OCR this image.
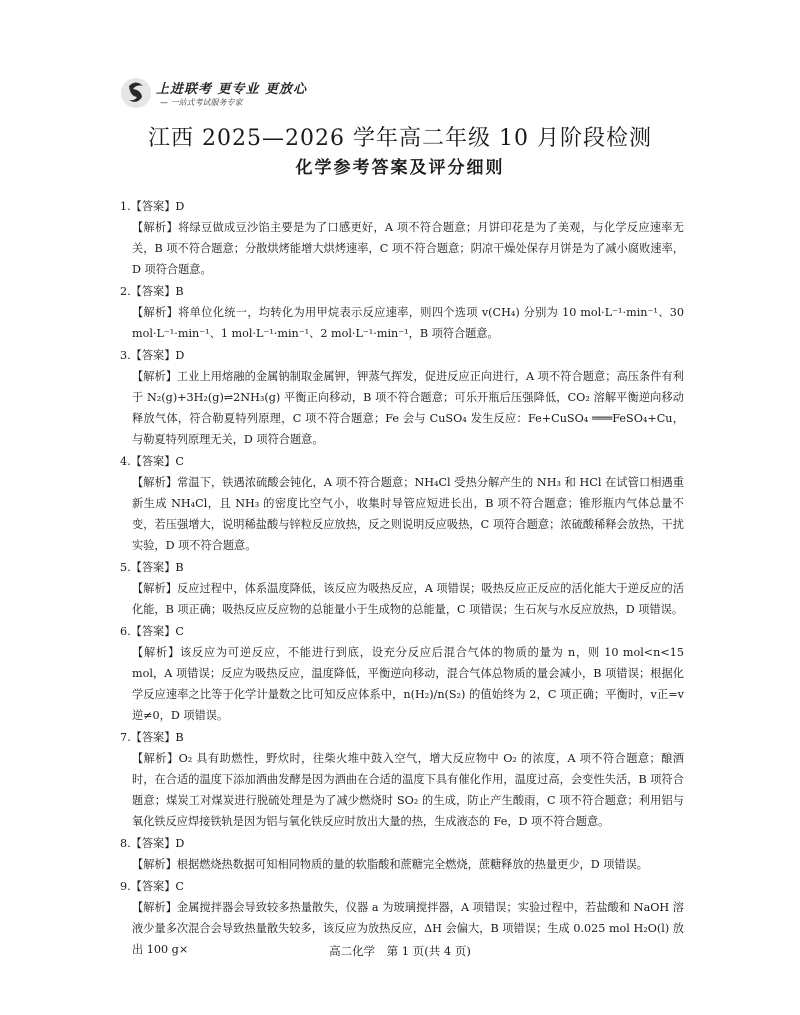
上进联考 更专业 更放心
— 一站式考试服务专家
江西 2025—2026 学年高二年级 10 月阶段检测
化学参考答案及评分细则

1.【答案】D

【解析】将绿豆做成豆沙馅主要是为了口感更好，A 项不符合题意；月饼印花是为了美观，与化学反应速率无关，B 项不符合题意；分散烘烤能增大烘烤速率，C 项不符合题意；阴凉干燥处保存月饼是为了减小腐败速率，D 项符合题意。

2.【答案】B

【解析】将单位化统一，均转化为用甲烷表示反应速率，则四个选项 v(CH₄) 分别为 10 mol·L⁻¹·min⁻¹、30 mol·L⁻¹·min⁻¹、1 mol·L⁻¹·min⁻¹、2 mol·L⁻¹·min⁻¹，B 项符合题意。

3.【答案】D

【解析】工业上用熔融的金属钠制取金属钾，钾蒸气挥发，促进反应正向进行，A 项不符合题意；高压条件有利于 N₂(g)+3H₂(g)⇌2NH₃(g) 平衡正向移动，B 项不符合题意；可乐开瓶后压强降低，CO₂ 溶解平衡逆向移动释放气体，符合勒夏特列原理，C 项不符合题意；Fe 会与 CuSO₄ 发生反应：Fe+CuSO₄ ═══FeSO₄+Cu，与勒夏特列原理无关，D 项符合题意。

4.【答案】C

【解析】常温下，铁遇浓硫酸会钝化，A 项不符合题意；NH₄Cl 受热分解产生的 NH₃ 和 HCl 在试管口相遇重新生成 NH₄Cl，且 NH₃ 的密度比空气小，收集时导管应短进长出，B 项不符合题意；锥形瓶内气体总量不变，若压强增大，说明稀盐酸与锌粒反应放热，反之则说明反应吸热，C 项符合题意；浓硫酸稀释会放热，干扰实验，D 项不符合题意。

5.【答案】B

【解析】反应过程中，体系温度降低，该反应为吸热反应，A 项错误；吸热反应正反应的活化能大于逆反应的活化能，B 项正确；吸热反应反应物的总能量小于生成物的总能量，C 项错误；生石灰与水反应放热，D 项错误。

6.【答案】C

【解析】该反应为可逆反应，不能进行到底，设充分反应后混合气体的物质的量为 n，则 10 mol<n<15 mol，A 项错误；反应为吸热反应，温度降低，平衡逆向移动，混合气体总物质的量会减小，B 项错误；根据化学反应速率之比等于化学计量数之比可知反应体系中，n(H₂)/n(S₂) 的值始终为 2，C 项正确；平衡时，v正=v逆≠0，D 项错误。

7.【答案】B

【解析】O₂ 具有助燃性，野炊时，往柴火堆中鼓入空气，增大反应物中 O₂ 的浓度，A 项不符合题意；酿酒时，在合适的温度下添加酒曲发酵是因为酒曲在合适的温度下具有催化作用，温度过高，会变性失活，B 项符合题意；煤炭工对煤炭进行脱硫处理是为了减少燃烧时 SO₂ 的生成，防止产生酸雨，C 项不符合题意；利用铝与氧化铁反应焊接铁轨是因为铝与氧化铁反应时放出大量的热，生成液态的 Fe，D 项不符合题意。

8.【答案】D

【解析】根据燃烧热数据可知相同物质的量的软脂酸和蔗糖完全燃烧，蔗糖释放的热量更少，D 项错误。

9.【答案】C

【解析】金属搅拌器会导致较多热量散失，仪器 a 为玻璃搅拌器，A 项错误；实验过程中，若盐酸和 NaOH 溶液少量多次混合会导致热量散失较多，该反应为放热反应，ΔH 会偏大，B 项错误；生成 0.025 mol H₂O(l) 放出 100 g×	高二化学　第 1 页(共 4 页)
